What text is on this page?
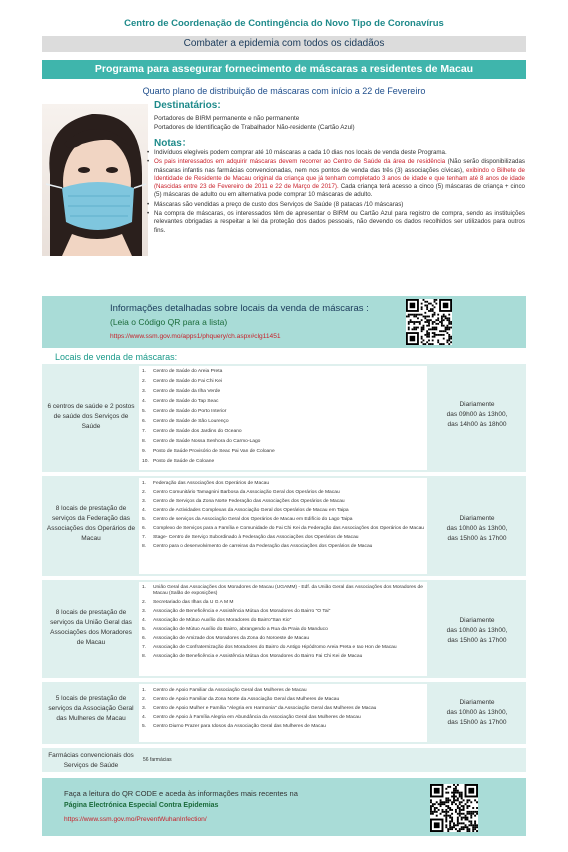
Centro de Coordenação de Contingência do Novo Tipo de Coronavírus
Combater a epidemia com todos os cidadãos
Programa para assegurar fornecimento de máscaras a residentes de Macau
Quarto plano de distribuição de máscaras com início a 22 de Fevereiro
Destinatários:
Portadores de BIRM permanente e não permanente
Portadores de Identificação de Trabalhador Não-residente (Cartão Azul)
Notas：
• Indivíduos elegíveis podem comprar até 10 máscaras a cada 10 dias nos locais de venda deste Programa.
• Os pais interessados em adquirir máscaras devem recorrer ao Centro de Saúde da área de residência (Não serão disponibilizadas máscaras infantis nas farmácias convencionadas, nem nos pontos de venda das três (3) associações cívicas), exibindo o Bilhete de Identidade de Residente de Macau original da criança que já tenham completado 3 anos de idade e que tenham até 8 anos de idade (Nascidas entre 23 de Fevereiro de 2011 e 22 de Março de 2017). Cada criança terá acesso a cinco (5) máscaras de criança + cinco (5) máscaras de adulto ou em alternativa pode comprar 10 máscaras de adulto.
• Máscaras são vendidas a preço de custo dos Serviços de Saúde (8 patacas /10 máscaras)
• Na compra de máscaras, os interessados têm de apresentar o BIRM ou Cartão Azul para registro de compra, sendo as instituições relevantes obrigadas a respeitar a lei da proteção dos dados pessoais, não devendo os dados recolhidos ser utilizados para outros fins.
Informações detalhadas sobre locais da venda de máscaras :
(Leia o Código QR para a lista)
https://www.ssm.gov.mo/apps1/phquery/ch.aspx#clg11451
Locais de venda de máscaras:
6 centros de saúde e 2 postos de saúde dos Serviços de Saúde
1. Centro de Saúde do Areia Preta
2. Centro de Saúde do Fai Chi Kei
3. Centro de Saúde da Ilha Verde
4. Centro de Saúde do Tap Seac
5. Centro de Saúde do Porto Interior
6. Centro de Saúde de São Lourenço
7. Centro de Saúde dos Jardins do Oceano
8. Centro de Saúde Nossa Senhora do Carmo-Lago
9. Posto de Saúde Provisório de Seac Pai Van de Coloane
10. Posto de Saúde de Coloane
Diariamente
das 09h00 às 13h00,
das 14h00 às 18h00
8 locais de prestação de serviços da Federação das Associações dos Operários de Macau
1. Federação das Associações dos Operários de Macau
2. Centro Comunitário Tamagnini Barbosa da Associação Geral dos Operários de Macau
3. Centro de Serviços da Zona Norte Federação das Associações dos Operários de Macau
4. Centro de Actividades Complexas da Associação Geral dos Operários de Macau em Taipa
5. Centro de serviços da Associação Geral dos Operários de Macau em Edifício do Lago Taipa
6. Complexo de Serviços para a Família e Comunidade do Fai Chi Kei da Federação das Associações dos Operários de Macau
7. Stage- Centro de Serviço Subordinado à Federação das Associações dos Operários de Macau
8. Centro para o desenvolvimento de carreiras da Federação das Associações dos Operários de Macau
Diariamente
das 10h00 às 13h00,
das 15h00 às 17h00
8 locais de prestação de serviços da União Geral das Associações dos Moradores de Macau
1. União Geral das Associações dos Moradores de Macau (UGAMM) - Edf. da União Geral das Associações dos Moradores de Macau (Salão de exposições)
2. Secretariado das Ilhas da U G A M M
3. Associação de Beneficência e Assistência Mútua dos Moradores do Bairro "O Tai"
4. Associação de Mútuo Auxílio dos Moradores do Bairro"San Kio"
5. Associação de Mútuo Auxílio do Bairro, abrangendo a Rua da Praia do Manduco
6. Associação de Amizade dos Moradores da Zona do Noroeste de Macau
7. Associação de Confraternização dos Moradores do Bairro do Antigo Hipódromo Areia Preta e Iao Hon de Macau
8. Associação de Beneficência e Assistência Mútua dos Moradores do Bairro Fai Chi Kei de Macau
Diariamente
das 10h00 às 13h00,
das 15h00 às 17h00
5 locais de prestação de serviços da Associação Geral das Mulheres de Macau
1. Centro de Apoio Familiar da Associação Geral das Mulheres de Macau
2. Centro de Apoio Familiar da Zona Norte da Associação Geral das Mulheres de Macau
3. Centro de Apoio Mulher e Família "Alegria em Harmonia" da Associação Geral das Mulheres de Macau
4. Centro de Apoio à Família Alegria em Abundância da Associação Geral das Mulheres de Macau
5. Centro Diurno Prazer para Idosos da Associação Geral das Mulheres de Macau
Diariamente
das 10h00 às 13h00,
das 15h00 às 17h00
Farmácias convencionais dos Serviços de Saúde
56 farmácias
Faça a leitura do QR CODE e aceda às informações mais recentes na
Página Electrónica Especial Contra Epidemias
https://www.ssm.gov.mo/PreventWuhanInfection/
